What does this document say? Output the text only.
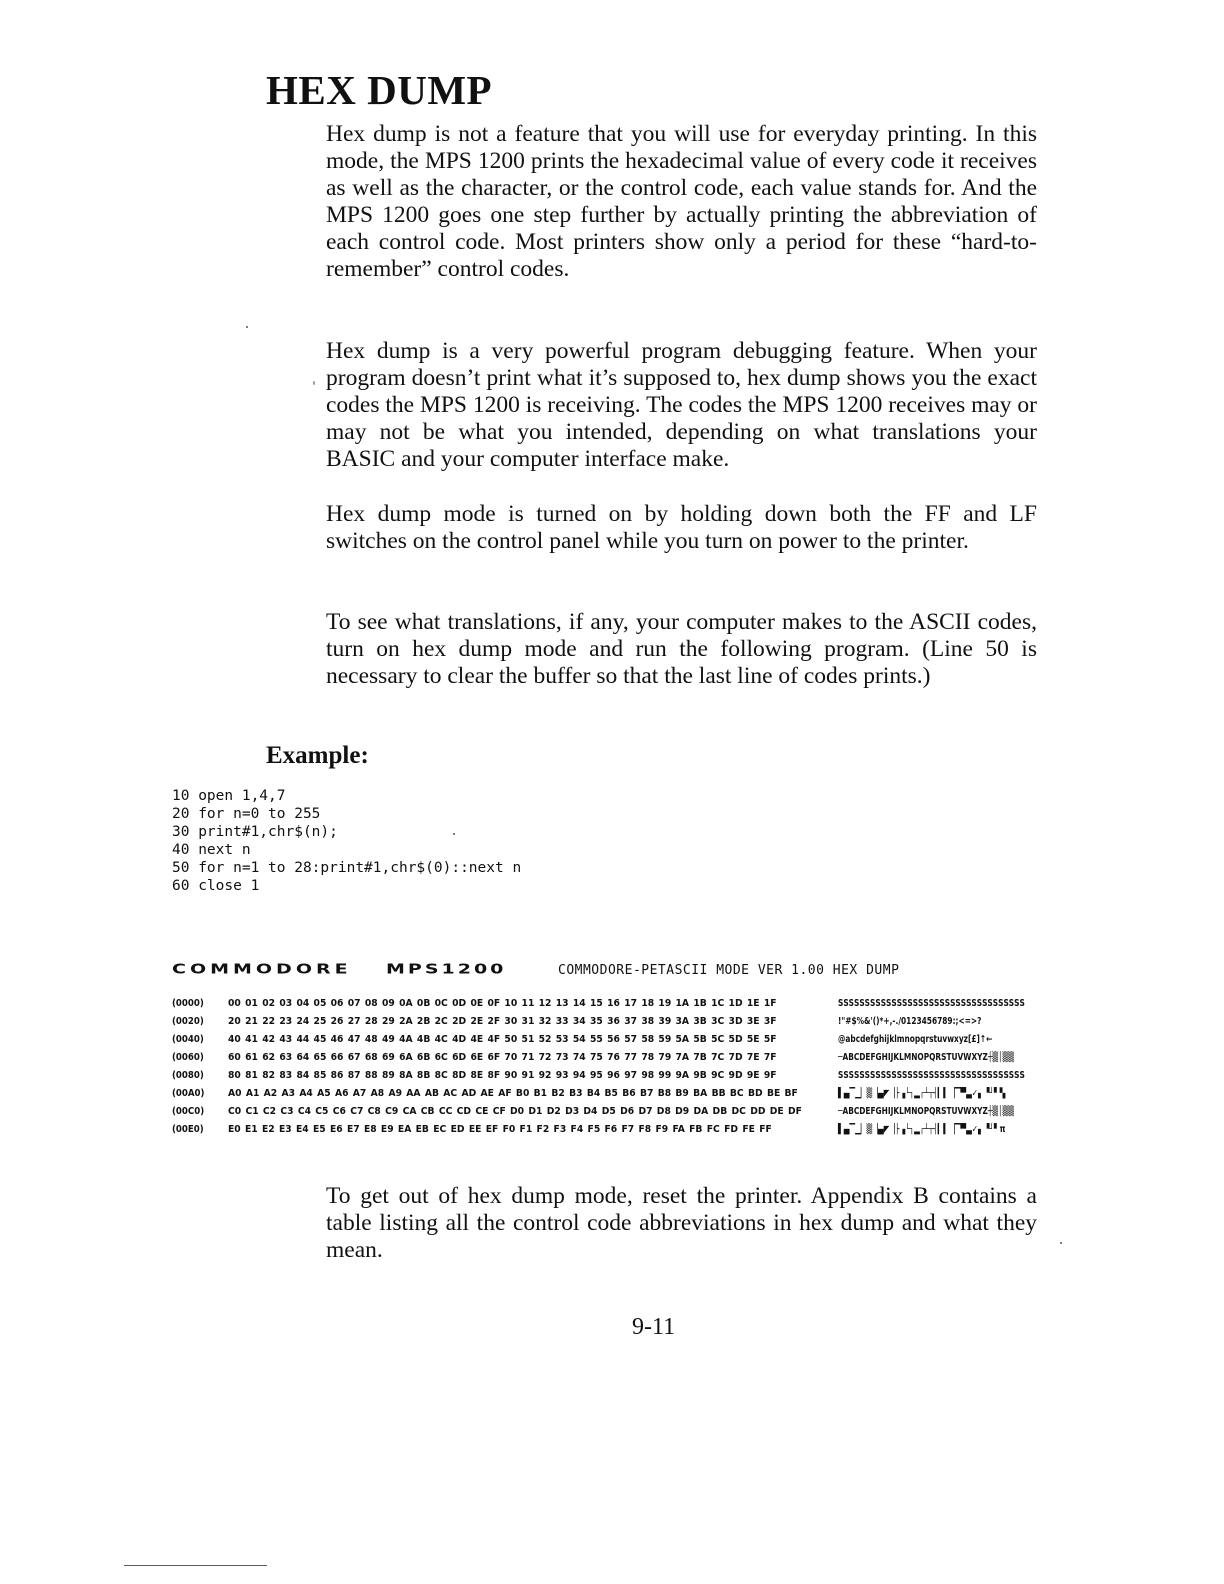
HEX DUMP

Hex dump is not a feature that you will use for everyday printing. In this mode, the MPS 1200 prints the hexadecimal value of every code it receives as well as the character, or the control code, each value stands for. And the MPS 1200 goes one step further by actually printing the abbreviation of each control code. Most printers show only a period for these “hard-to-remember” control codes.

Hex dump is a very powerful program debugging feature. When your program doesn’t print what it’s supposed to, hex dump shows you the exact codes the MPS 1200 is receiving. The codes the MPS 1200 receives may or may not be what you intended, depending on what translations your BASIC and your computer interface make.

Hex dump mode is turned on by holding down both the FF and LF switches on the control panel while you turn on power to the printer.

To see what translations, if any, your computer makes to the ASCII codes, turn on hex dump mode and run the following program. (Line 50 is necessary to clear the buffer so that the last line of codes prints.)

Example:
10 open 1,4,7
20 for n=0 to 255
30 print#1,chr$(n);
40 next n
50 for n=1 to 28:print#1,chr$(0)::next n
60 close 1
COMMODORE MPS1200	COMMODORE-PETASCII MODE VER 1.00 HEX DUMP
(0000) 00 01 02 03 04 05 06 07 08 09 0A 0B 0C 0D 0E 0F 10 11 12 13 14 15 16 17 18 19 1A 1B 1C 1D 1E 1F	ЅЅЅЅЅЅЅЅЅЅЅЅЅЅЅЅЅЅЅЅЅЅЅЅЅЅЅЅЅЅЅЅЅЅЅ
(0020) 20 21 22 23 24 25 26 27 28 29 2A 2B 2C 2D 2E 2F 30 31 32 33 34 35 36 37 38 39 3A 3B 3C 3D 3E 3F	!"#$%&'()*+,-./0123456789:;<=>?
(0040) 40 41 42 43 44 45 46 47 48 49 4A 4B 4C 4D 4E 4F 50 51 52 53 54 55 56 57 58 59 5A 5B 5C 5D 5E 5F	@abcdefghijklmnopqrstuvwxyz[£]↑←
(0060) 60 61 62 63 64 65 66 67 68 69 6A 6B 6C 6D 6E 6F 70 71 72 73 74 75 76 77 78 79 7A 7B 7C 7D 7E 7F	─ABCDEFGHIJKLMNOPQRSTUVWXYZ┼▒│▒▒
(0080) 80 81 82 83 84 85 86 87 88 89 8A 8B 8C 8D 8E 8F 90 91 92 93 94 95 96 97 98 99 9A 9B 9C 9D 9E 9F	ЅЅЅЅЅЅЅЅЅЅЅЅЅЅЅЅЅЅЅЅЅЅЅЅЅЅЅЅЅЅЅЅЅЅЅ
(00A0) A0 A1 A2 A3 A4 A5 A6 A7 A8 A9 AA AB AC AD AE AF B0 B1 B2 B3 B4 B5 B6 B7 B8 B9 BA BB BC BD BE BF	▌▄▔▁▏▒▕▄◤▕├▗└┐▂┌┴┬┤▎▍▕▔▀▃✓▖▝┘▘▚
(00C0) C0 C1 C2 C3 C4 C5 C6 C7 C8 C9 CA CB CC CD CE CF D0 D1 D2 D3 D4 D5 D6 D7 D8 D9 DA DB DC DD DE DF	─ABCDEFGHIJKLMNOPQRSTUVWXYZ┼▒│▒▒
(00E0) E0 E1 E2 E3 E4 E5 E6 E7 E8 E9 EA EB EC ED EE EF F0 F1 F2 F3 F4 F5 F6 F7 F8 F9 FA FB FC FD FE FF	▌▄▔▁▏▒▕▄◤▕├▗└┐▂┌┴┬┤▎▍▕▔▀▃✓▖▝┘▘π

To get out of hex dump mode, reset the printer. Appendix B contains a table listing all the control code abbreviations in hex dump and what they mean.

9-11
